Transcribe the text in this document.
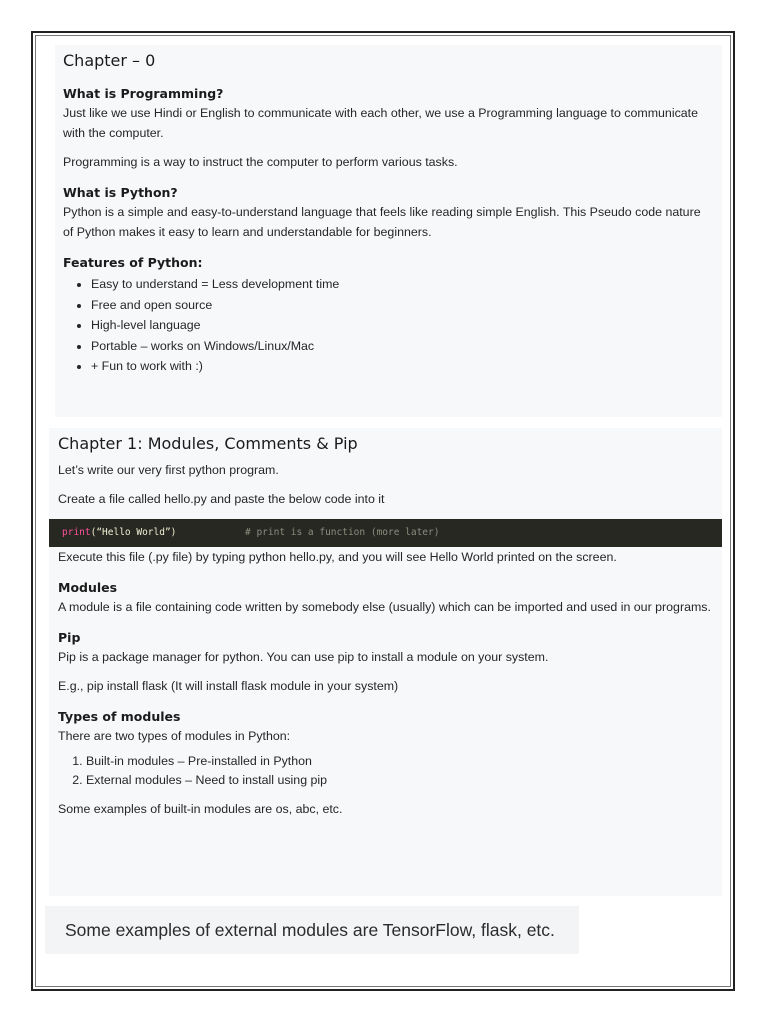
Chapter – 0
What is Programming?

Just like we use Hindi or English to communicate with each other, we use a Programming language to communicate with the computer.

Programming is a way to instruct the computer to perform various tasks.

What is Python?

Python is a simple and easy-to-understand language that feels like reading simple English. This Pseudo code nature of Python makes it easy to learn and understandable for beginners.

Features of Python:
• Easy to understand = Less development time
• Free and open source
• High-level language
• Portable – works on Windows/Linux/Mac
• + Fun to work with :)
Chapter 1: Modules, Comments & Pip

Let’s write our very first python program.

Create a file called hello.py and paste the below code into it

print(“Hello World”)	# print is a function (more later)

Execute this file (.py file) by typing python hello.py, and you will see Hello World printed on the screen.

Modules

A module is a file containing code written by somebody else (usually) which can be imported and used in our programs.

Pip

Pip is a package manager for python. You can use pip to install a module on your system.

E.g., pip install flask (It will install flask module in your system)

Types of modules

There are two types of modules in Python:

1. Built-in modules – Pre-installed in Python
2. External modules – Need to install using pip

Some examples of built-in modules are os, abc, etc.

Some examples of external modules are TensorFlow, flask, etc.
